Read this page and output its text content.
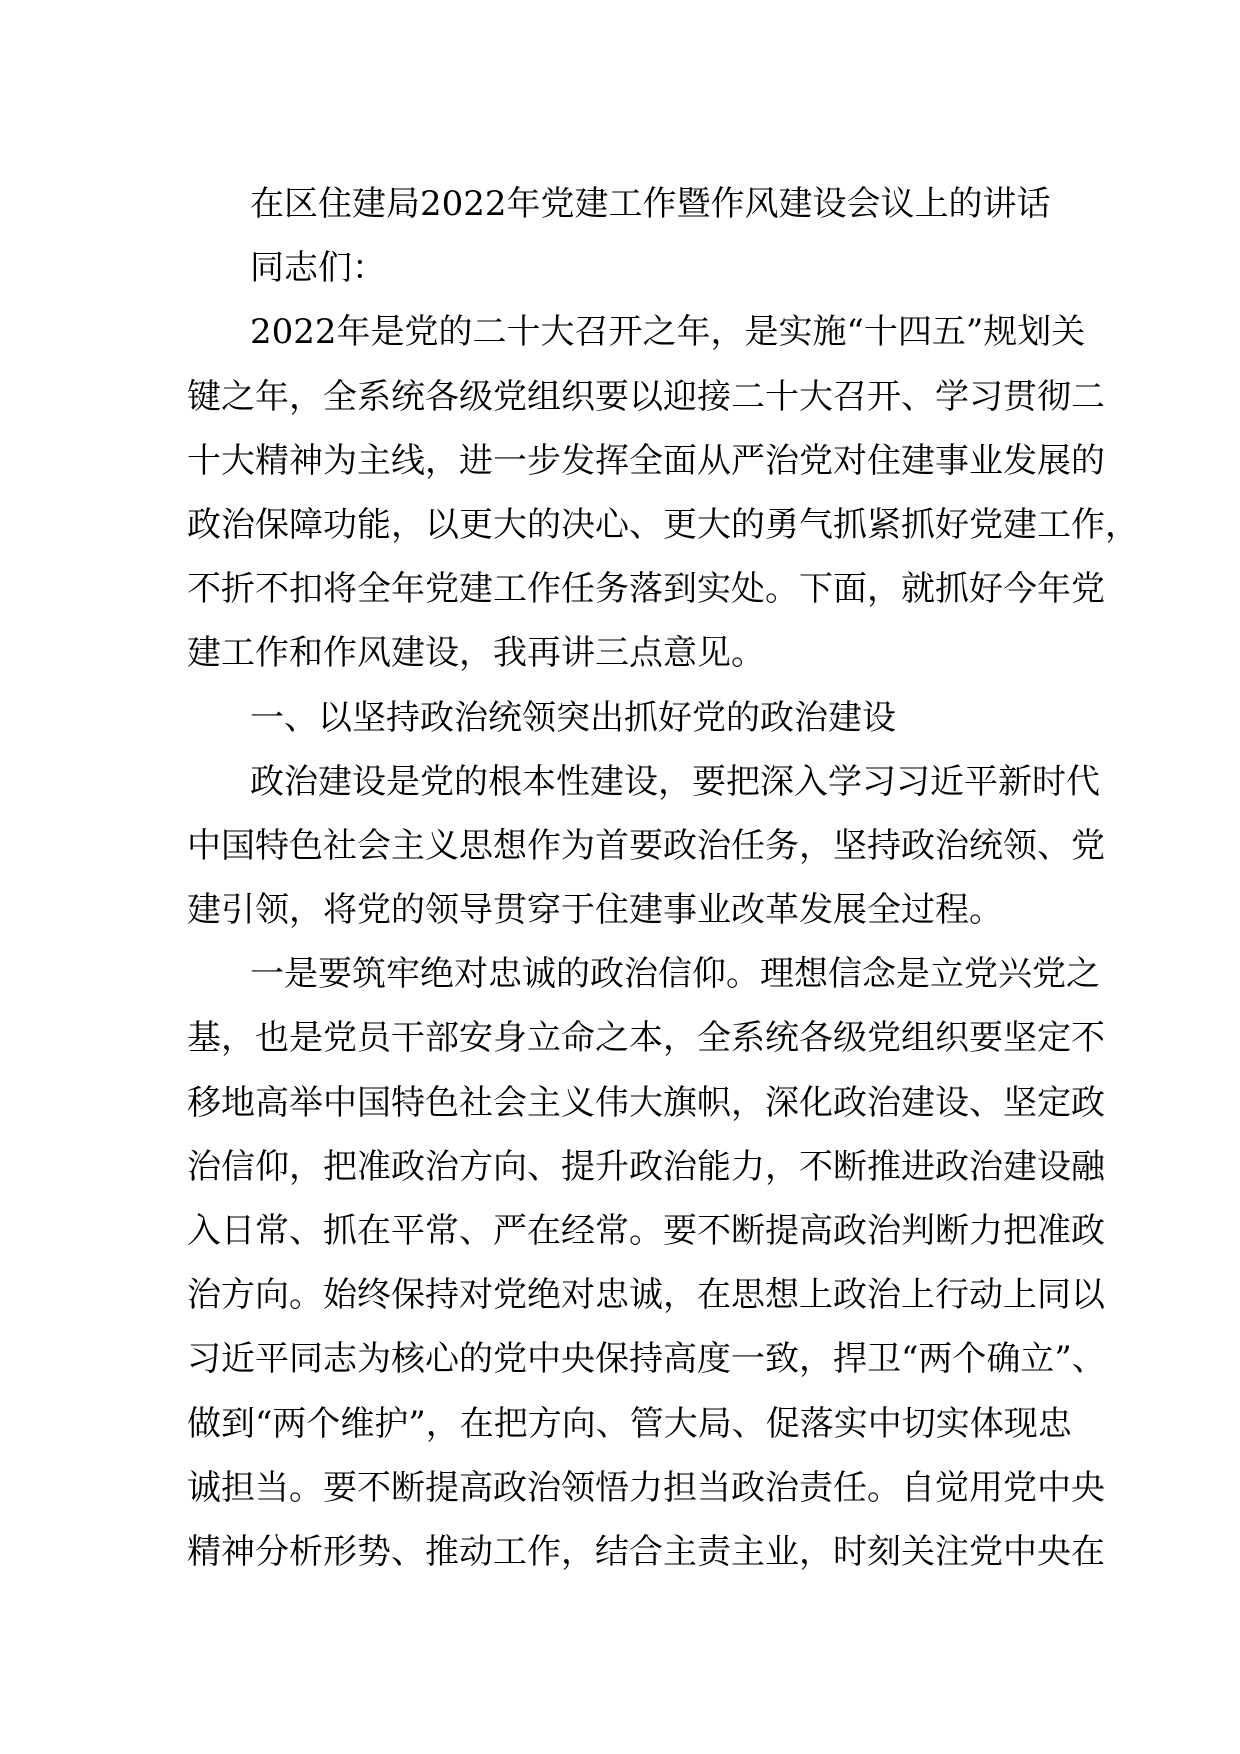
在区住建局2022年党建工作暨作风建设会议上的讲话
同志们：
2022年是党的二十大召开之年，是实施“十四五”规划关
键之年，全系统各级党组织要以迎接二十大召开、学习贯彻二
十大精神为主线，进一步发挥全面从严治党对住建事业发展的
政治保障功能，以更大的决心、更大的勇气抓紧抓好党建工作，
不折不扣将全年党建工作任务落到实处。下面，就抓好今年党
建工作和作风建设，我再讲三点意见。
一、以坚持政治统领突出抓好党的政治建设
政治建设是党的根本性建设，要把深入学习习近平新时代
中国特色社会主义思想作为首要政治任务，坚持政治统领、党
建引领，将党的领导贯穿于住建事业改革发展全过程。
一是要筑牢绝对忠诚的政治信仰。理想信念是立党兴党之
基，也是党员干部安身立命之本，全系统各级党组织要坚定不
移地高举中国特色社会主义伟大旗帜，深化政治建设、坚定政
治信仰，把准政治方向、提升政治能力，不断推进政治建设融
入日常、抓在平常、严在经常。要不断提高政治判断力把准政
治方向。始终保持对党绝对忠诚，在思想上政治上行动上同以
习近平同志为核心的党中央保持高度一致，捍卫“两个确立”、
做到“两个维护”，在把方向、管大局、促落实中切实体现忠
诚担当。要不断提高政治领悟力担当政治责任。自觉用党中央
精神分析形势、推动工作，结合主责主业，时刻关注党中央在
